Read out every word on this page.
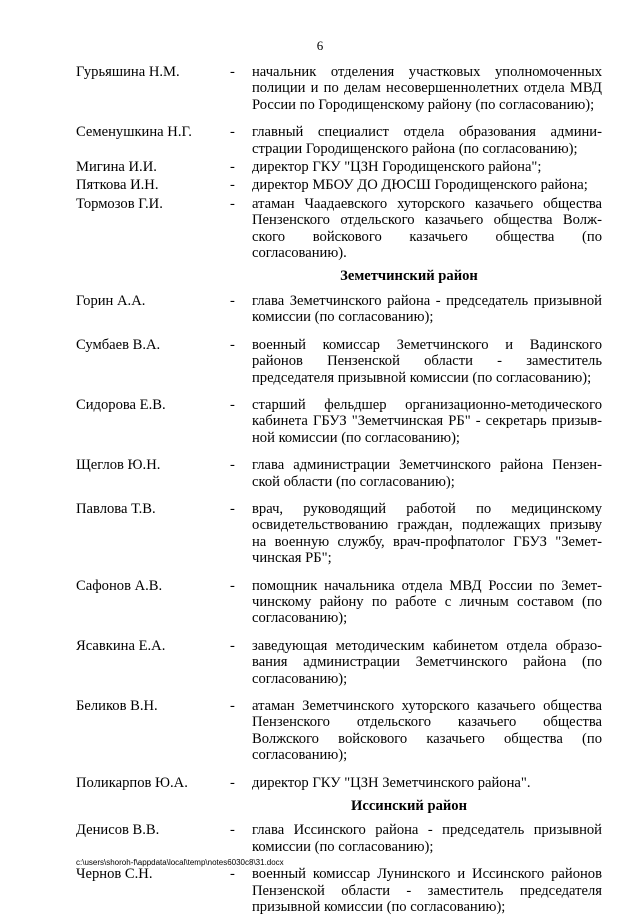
6
Гурьяшина Н.М.	-	начальник отделения участковых уполномоченных полиции и по делам несовершеннолетних отдела МВД России по Городищенскому району (по согласованию);
Семенушкина Н.Г.	-	главный специалист отдела образования администрации Городищенского района (по согласованию);
Мигина И.И.	-	директор ГКУ "ЦЗН Городищенского района";
Пяткова И.Н.	-	директор МБОУ ДО ДЮСШ Городищенского района;
Тормозов Г.И.	-	атаман Чаадаевского хуторского казачьего общества Пензенского отдельского казачьего общества Волжского войскового казачьего общества (по согласованию).
Земетчинский район
Горин А.А.	-	глава Земетчинского района - председатель призывной комиссии (по согласованию);
Сумбаев В.А.	-	военный комиссар Земетчинского и Вадинского районов Пензенской области - заместитель председателя призывной комиссии (по согласованию);
Сидорова Е.В.	-	старший фельдшер организационно-методического кабинета ГБУЗ "Земетчинская РБ" - секретарь призывной комиссии (по согласованию);
Щеглов Ю.Н.	-	глава администрации Земетчинского района Пензенской области (по согласованию);
Павлова Т.В.	-	врач, руководящий работой по медицинскому освидетельствованию граждан, подлежащих призыву на военную службу, врач-профпатолог ГБУЗ "Земетчинская РБ";
Сафонов А.В.	-	помощник начальника отдела МВД России по Земетчинскому району по работе с личным составом (по согласованию);
Ясавкина Е.А.	-	заведующая методическим кабинетом отдела образования администрации Земетчинского района (по согласованию);
Беликов В.Н.	-	атаман Земетчинского хуторского казачьего общества Пензенского отдельского казачьего общества Волжского войскового казачьего общества (по согласованию);
Поликарпов Ю.А.	-	директор ГКУ "ЦЗН Земетчинского района".
Иссинский район
Денисов В.В.	-	глава Иссинского района - председатель призывной комиссии (по согласованию);
Чернов С.Н.	-	военный комиссар Лунинского и Иссинского районов Пензенской области - заместитель председателя призывной комиссии (по согласованию);
c:\users\shoroh-f\appdata\local\temp\notes6030c8\31.docx
